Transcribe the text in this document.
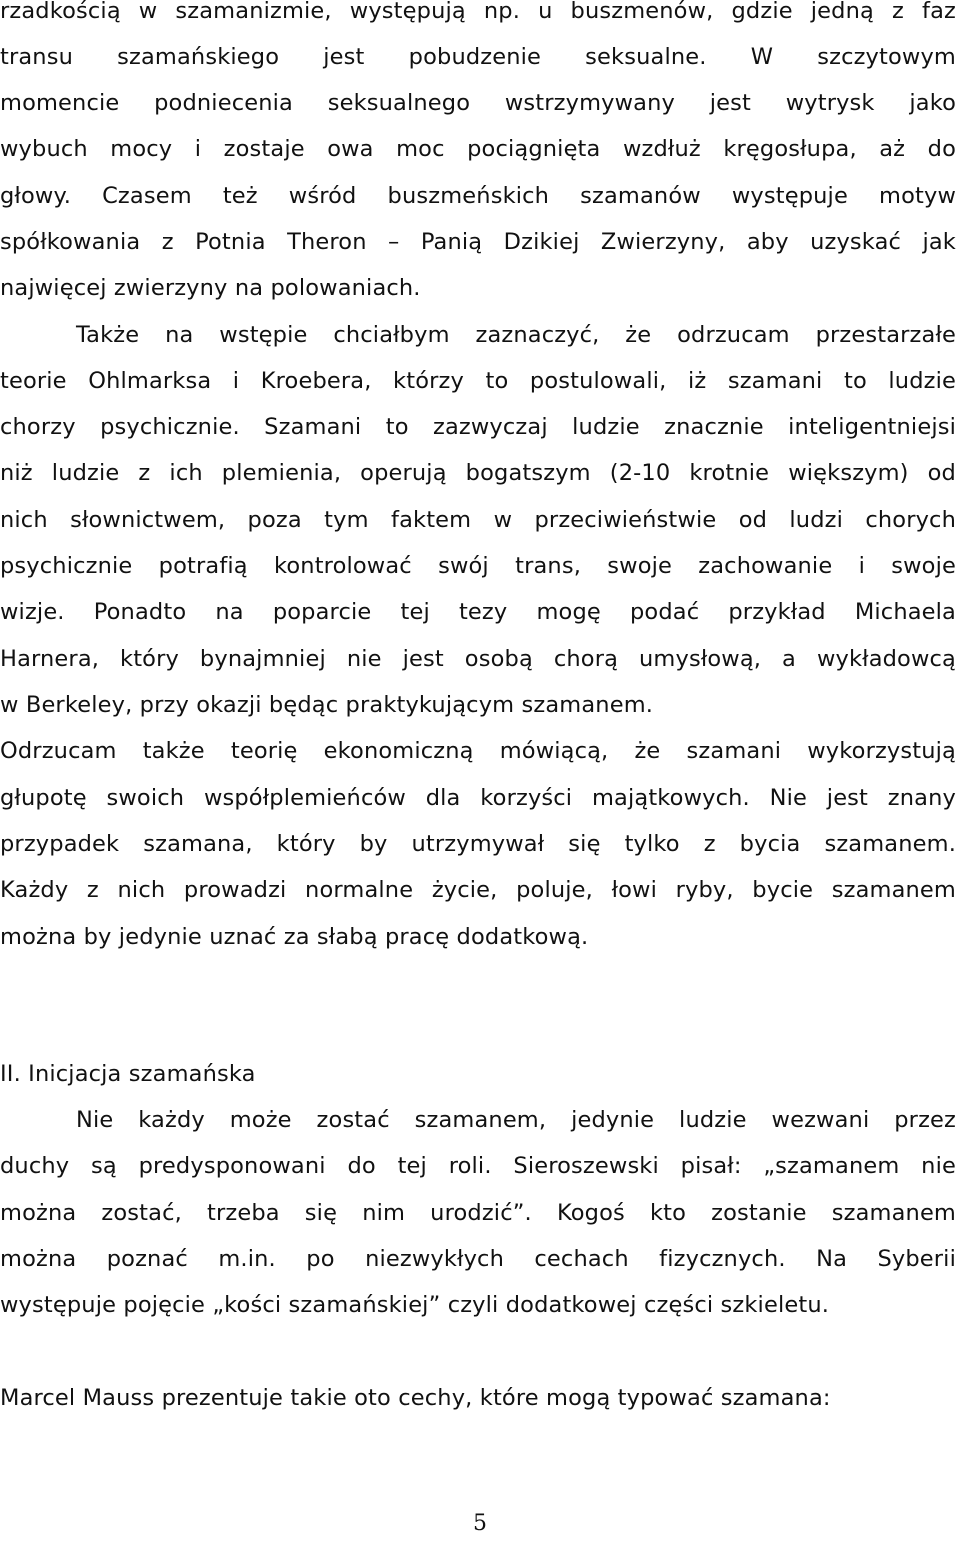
rzadkością w szamanizmie, występują np. u buszmenów, gdzie jedną z faz
transu szamańskiego jest pobudzenie seksualne. W szczytowym
momencie podniecenia seksualnego wstrzymywany jest wytrysk jako
wybuch mocy i zostaje owa moc pociągnięta wzdłuż kręgosłupa, aż do
głowy. Czasem też wśród buszmeńskich szamanów występuje motyw
spółkowania z Potnia Theron – Panią Dzikiej Zwierzyny, aby uzyskać jak
najwięcej zwierzyny na polowaniach.
Także na wstępie chciałbym zaznaczyć, że odrzucam przestarzałe
teorie Ohlmarksa i Kroebera, którzy to postulowali, iż szamani to ludzie
chorzy psychicznie. Szamani to zazwyczaj ludzie znacznie inteligentniejsi
niż ludzie z ich plemienia, operują bogatszym (2-10 krotnie większym) od
nich słownictwem, poza tym faktem w przeciwieństwie od ludzi chorych
psychicznie potrafią kontrolować swój trans, swoje zachowanie i swoje
wizje. Ponadto na poparcie tej tezy mogę podać przykład Michaela
Harnera, który bynajmniej nie jest osobą chorą umysłową, a wykładowcą
w Berkeley, przy okazji będąc praktykującym szamanem.
Odrzucam także teorię ekonomiczną mówiącą, że szamani wykorzystują
głupotę swoich współplemieńców dla korzyści majątkowych. Nie jest znany
przypadek szamana, który by utrzymywał się tylko z bycia szamanem.
Każdy z nich prowadzi normalne życie, poluje, łowi ryby, bycie szamanem
można by jedynie uznać za słabą pracę dodatkową.
II. Inicjacja szamańska
Nie każdy może zostać szamanem, jedynie ludzie wezwani przez
duchy są predysponowani do tej roli. Sieroszewski pisał: „szamanem nie
można zostać, trzeba się nim urodzić”. Kogoś kto zostanie szamanem
można poznać m.in. po niezwykłych cechach fizycznych. Na Syberii
występuje pojęcie „kości szamańskiej” czyli dodatkowej części szkieletu.
Marcel Mauss prezentuje takie oto cechy, które mogą typować szamana:
5
